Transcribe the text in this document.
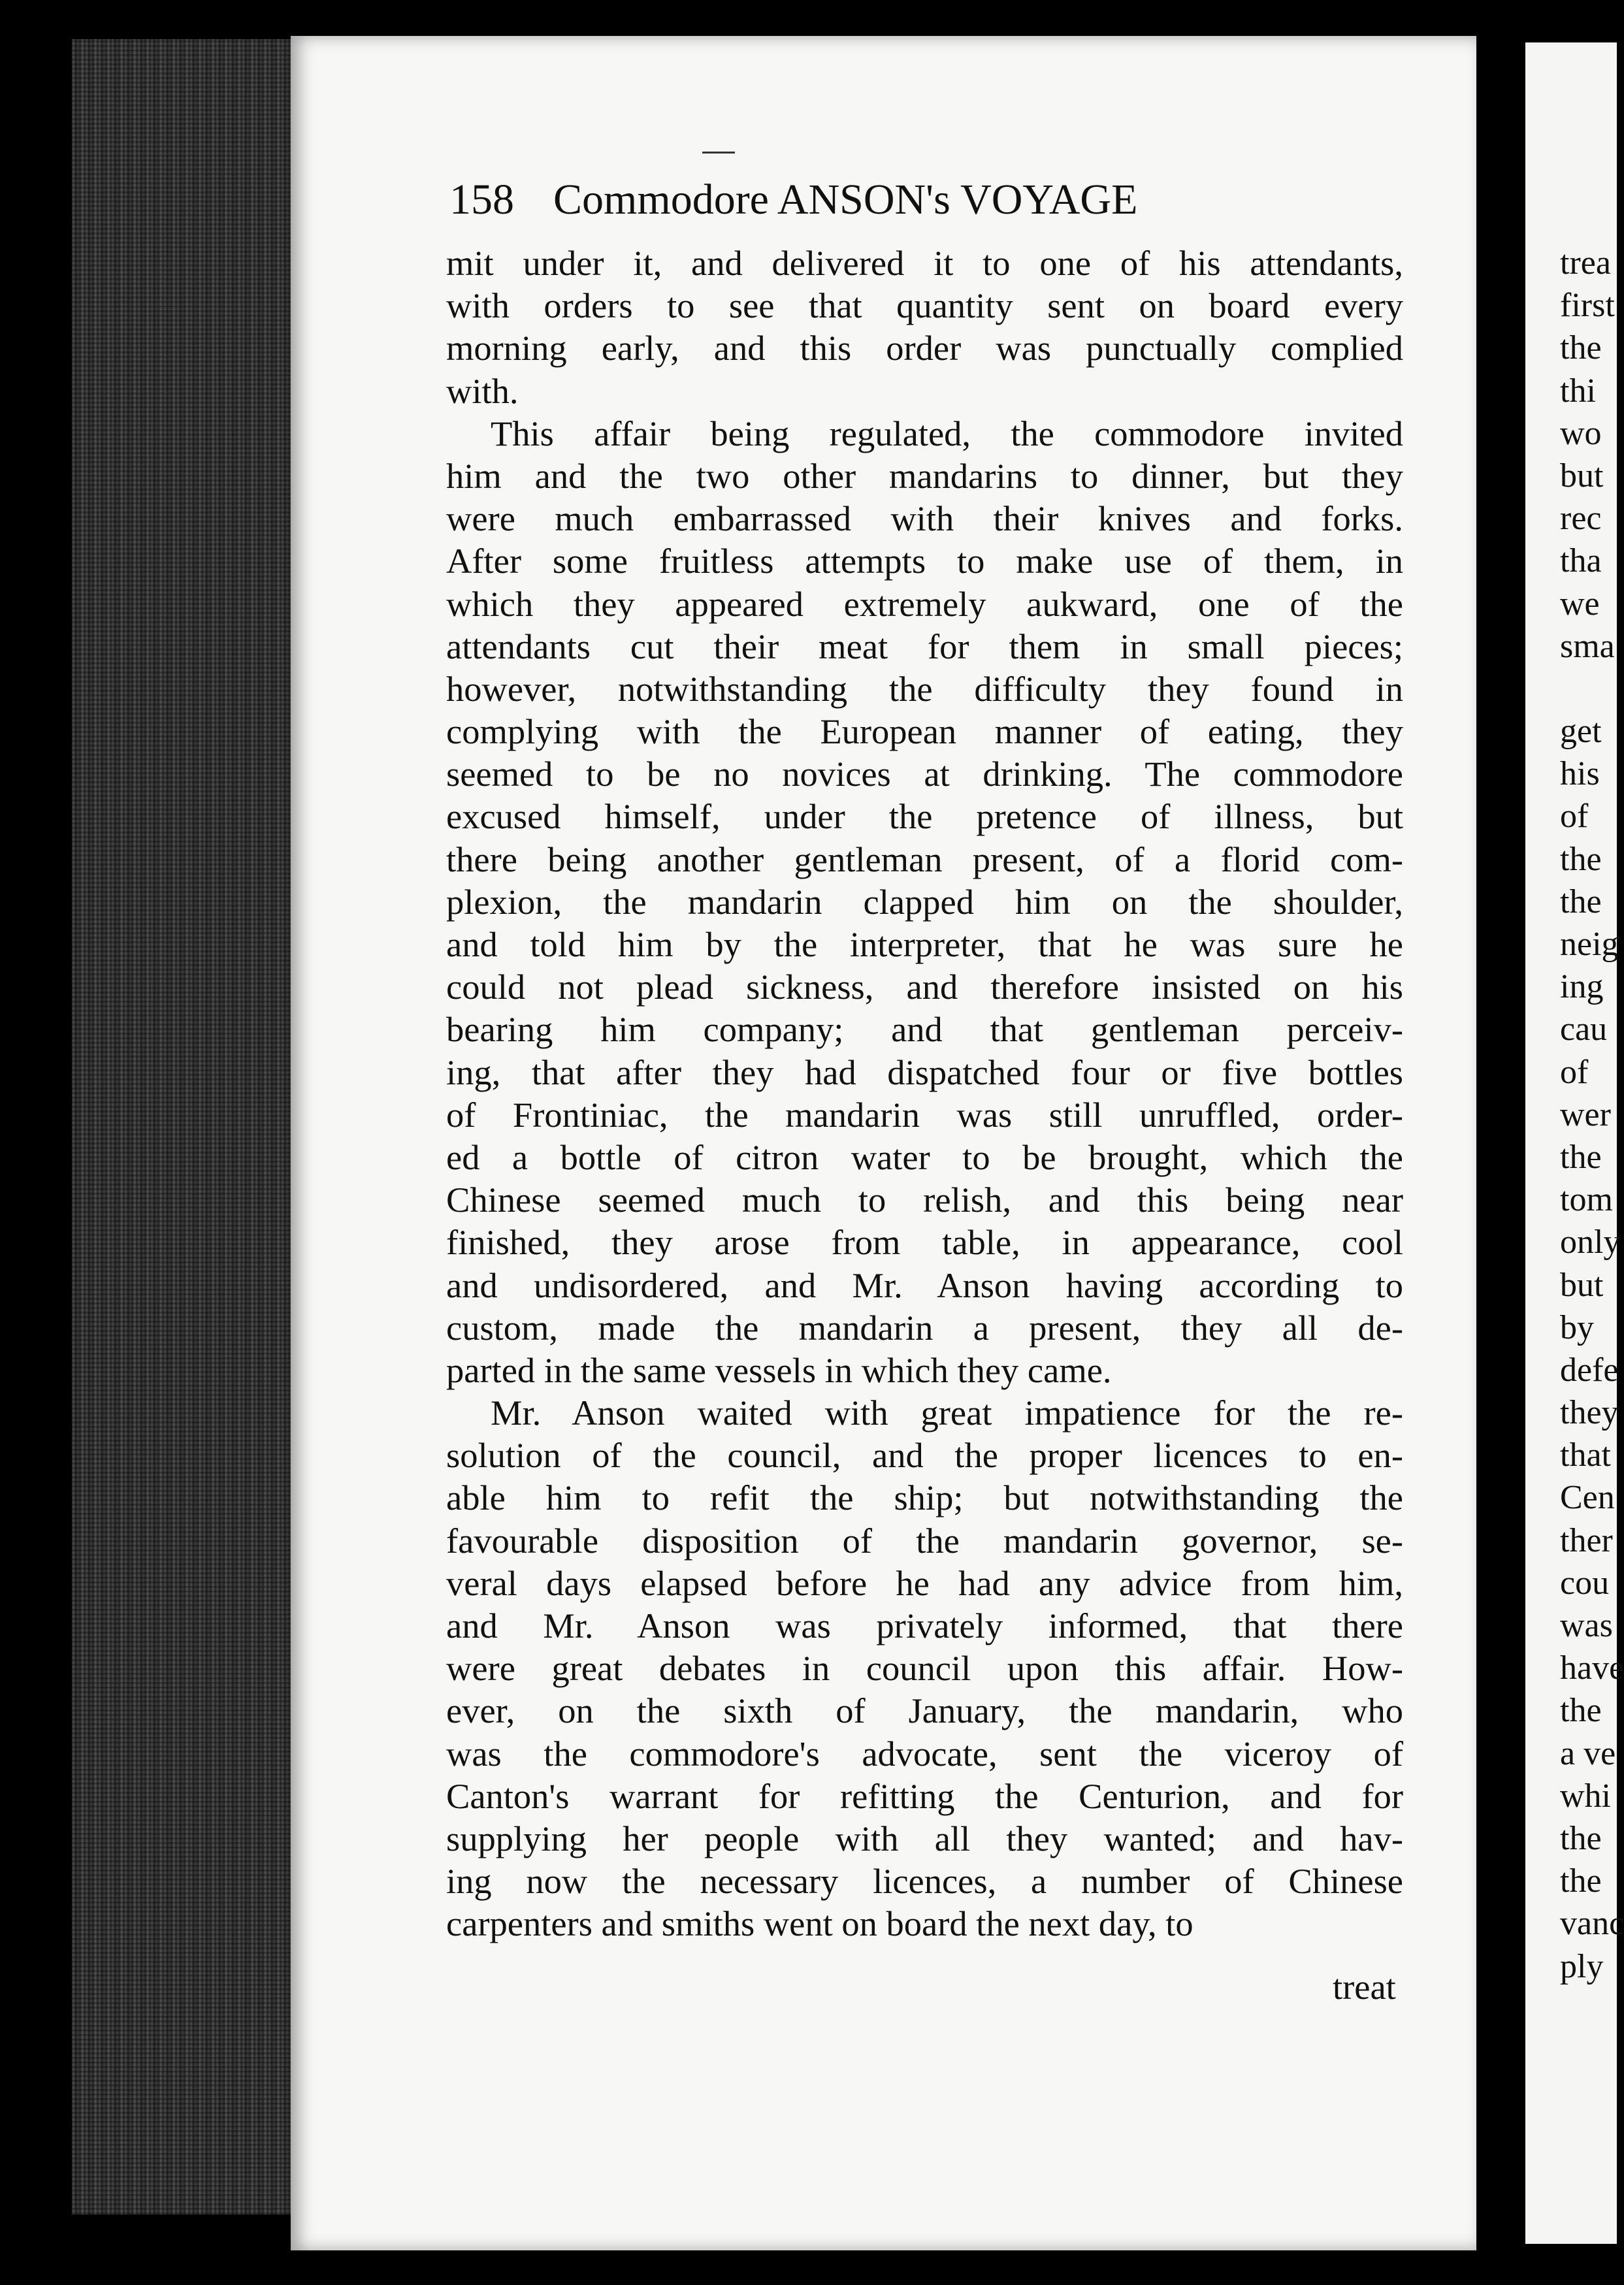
158 Commodore ANSON's VOYAGE
mit under it, and delivered it to one of his attendants,
with orders to see that quantity sent on board every
morning early, and this order was punctually complied
with.
This affair being regulated, the commodore invited
him and the two other mandarins to dinner, but they
were much embarrassed with their knives and forks.
After some fruitless attempts to make use of them, in
which they appeared extremely aukward, one of the
attendants cut their meat for them in small pieces;
however, notwithstanding the difficulty they found in
complying with the European manner of eating, they
seemed to be no novices at drinking. The commodore
excused himself, under the pretence of illness, but
there being another gentleman present, of a florid com-
plexion, the mandarin clapped him on the shoulder,
and told him by the interpreter, that he was sure he
could not plead sickness, and therefore insisted on his
bearing him company; and that gentleman perceiv-
ing, that after they had dispatched four or five bottles
of Frontiniac, the mandarin was still unruffled, order-
ed a bottle of citron water to be brought, which the
Chinese seemed much to relish, and this being near
finished, they arose from table, in appearance, cool
and undisordered, and Mr. Anson having according to
custom, made the mandarin a present, they all de-
parted in the same vessels in which they came.
Mr. Anson waited with great impatience for the re-
solution of the council, and the proper licences to en-
able him to refit the ship; but notwithstanding the
favourable disposition of the mandarin governor, se-
veral days elapsed before he had any advice from him,
and Mr. Anson was privately informed, that there
were great debates in council upon this affair. How-
ever, on the sixth of January, the mandarin, who
was the commodore's advocate, sent the viceroy of
Canton's warrant for refitting the Centurion, and for
supplying her people with all they wanted; and hav-
ing now the necessary licences, a number of Chinese
carpenters and smiths went on board the next day, to
treat
trea
first
the
thi
wo
but
rec
tha
we
sma
get
his
of
the
the
neig
ing
cau
of
wer
the
tom
only
but
by
defe
they
that
Cen
ther
cou
was
have
the
a ve
whi
the
the
vanc
ply
